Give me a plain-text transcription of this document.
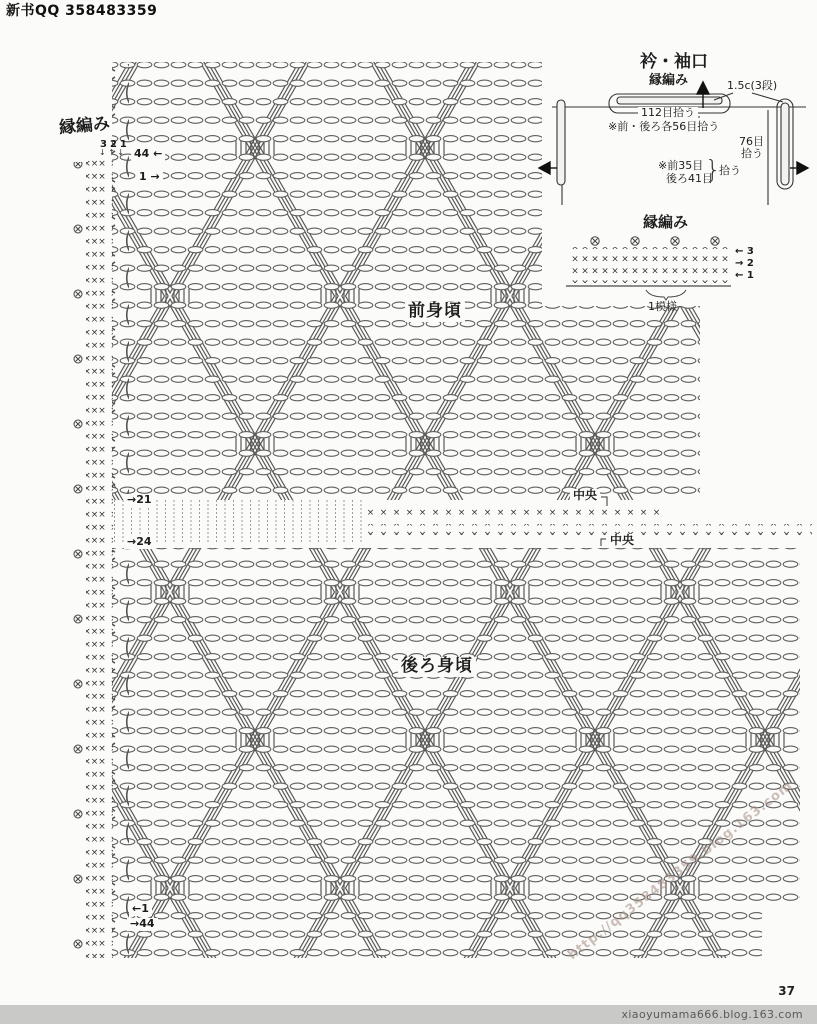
新书QQ 358483359
縁編み
321
↓↑↓ 44 ←
1 →
前身頃
→21	中央
→24	中央
後ろ身頃
←1
→44
衿・袖口
縁編み	1.5c(3段)
112目拾う
※前・後ろ各56目拾う
76目
拾う
※前35目
後ろ41目
}
拾う
縁編み
← 3
→ 2
← 1
1模様
http://qq358483359.blog.163.com
37
xiaoyumama666.blog.163.com
